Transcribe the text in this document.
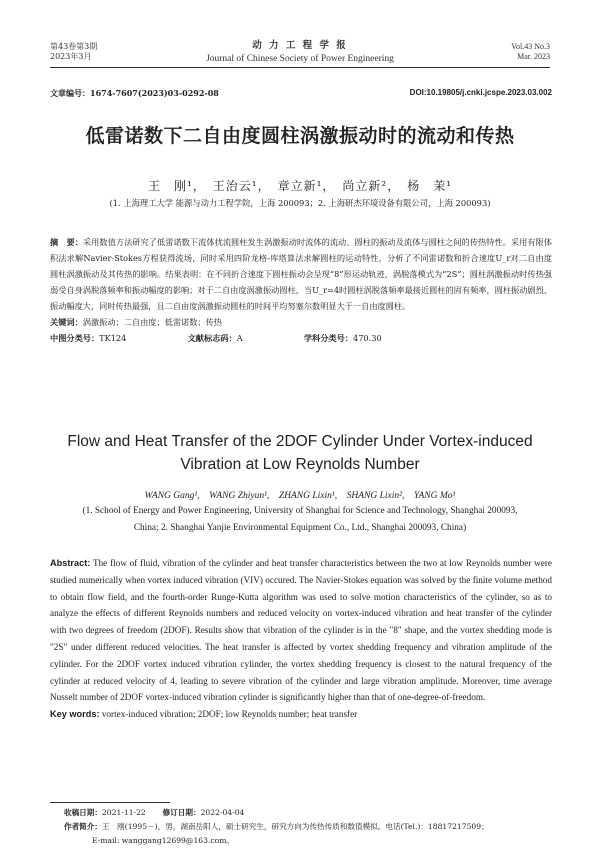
第43卷第3期
2023年3月
动 力 工 程 学 报
Journal of Chinese Society of Power Engineering
Vol.43 No.3
Mar. 2023
文章编号：1674-7607(2023)03-0292-08	DOI:10.19805/j.cnki.jcspe.2023.03.002
低雷诺数下二自由度圆柱涡激振动时的流动和传热
王　刚¹，　王治云¹，　章立新¹，　尚立新²，　杨　茉¹
(1. 上海理工大学 能源与动力工程学院，上海 200093；2. 上海研杰环境设备有限公司，上海 200093)
摘　要：采用数值方法研究了低雷诺数下流体扰流圆柱发生涡激振动时流体的流动、圆柱的振动及流体与圆柱之间的传热特性。采用有限体积法求解Navier-Stokes方程获得流场，同时采用四阶龙格-库塔算法求解圆柱的运动特性，分析了不同雷诺数和折合速度U_r对二自由度圆柱涡激振动及其传热的影响。结果表明：在不同折合速度下圆柱振动会呈现“8”形运动轨迹，涡脱落模式为“2S”；圆柱涡激振动时传热强弱受自身涡脱落频率和振动幅度的影响；对于二自由度涡激振动圆柱，当U_r=4时圆柱涡脱落频率最接近圆柱的固有频率，圆柱振动剧烈、振动幅度大，同时传热最强，且二自由度涡激振动圆柱的时间平均努塞尔数明显大于一自由度圆柱。
关键词：涡激振动；二自由度；低雷诺数；传热
中图分类号：TK124	文献标志码：A	学科分类号：470.30
Flow and Heat Transfer of the 2DOF Cylinder Under Vortex-induced Vibration at Low Reynolds Number
WANG Gang¹,　WANG Zhiyun¹,　ZHANG Lixin¹,　SHANG Lixin²,　YANG Mo¹
(1. School of Energy and Power Engineering, University of Shanghai for Science and Technology, Shanghai 200093, China; 2. Shanghai Yanjie Environmental Equipment Co., Ltd., Shanghai 200093, China)
Abstract: The flow of fluid, vibration of the cylinder and heat transfer characteristics between the two at low Reynolds number were studied numerically when vortex induced vibration (VIV) occured. The Navier-Stokes equation was solved by the finite volume method to obtain flow field, and the fourth-order Runge-Kutta algorithm was used to solve motion characteristics of the cylinder, so as to analyze the effects of different Reynolds numbers and reduced velocity on vortex-induced vibration and heat transfer of the cylinder with two degrees of freedom (2DOF). Results show that vibration of the cylinder is in the "8" shape, and the vortex shedding mode is "2S" under different reduced velocities. The heat transfer is affected by vortex shedding frequency and vibration amplitude of the cylinder. For the 2DOF vortex induced vibration cylinder, the vortex shedding frequency is closest to the natural frequency of the cylinder at reduced velocity of 4, leading to severe vibration of the cylinder and large vibration amplitude. Moreover, time average Nusselt number of 2DOF vortex-induced vibration cylinder is significantly higher than that of one-degree-of-freedom.
Key words: vortex-induced vibration; 2DOF; low Reynolds number; heat transfer
收稿日期：2021-11-22 修订日期：2022-04-04
作者简介：王　刚(1995－)，男，湖南岳阳人，硕士研究生，研究方向为传热传质和数值模拟。电话(Tel.)：18817217509；
E-mail: wanggang12699@163.com。
